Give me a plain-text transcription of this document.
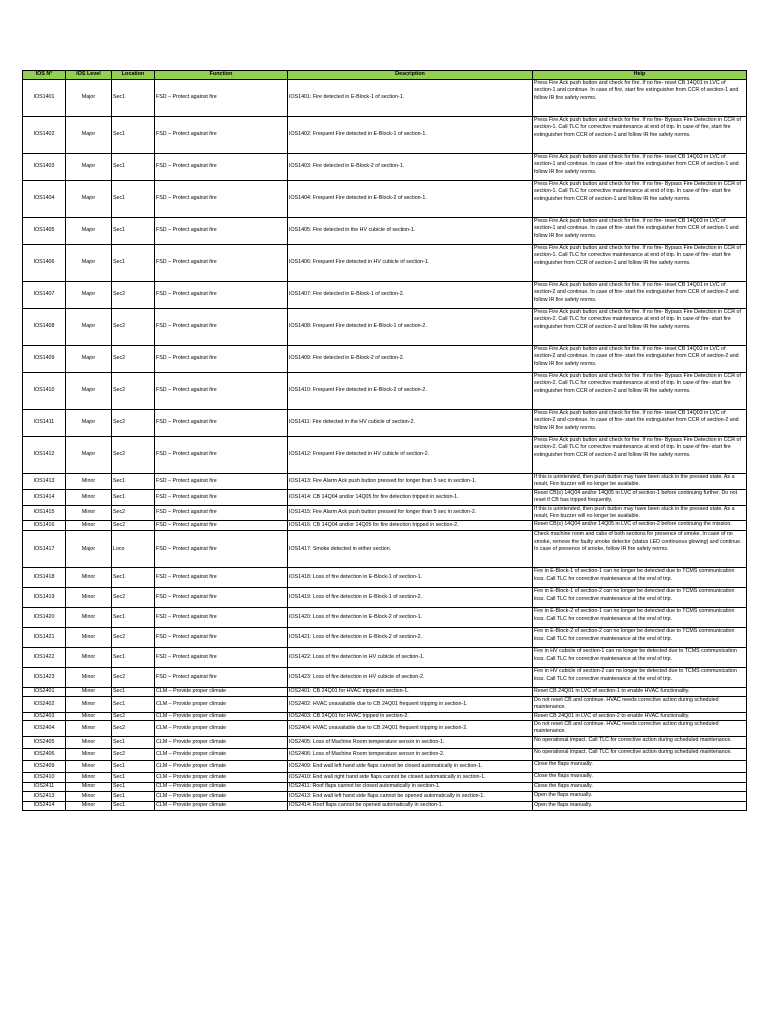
IOS N°	IOS Level	Location	Function	Description	Help
IOS1401	Major	Sec1	FSD – Protect against fire	IOS1401: Fire detected in E-Block-1 of section-1.	Press Fire Ack push button and check for fire. If no fire- reset CB 14Q01 in LVC of section-1 and continue. In case of fire, start fire extinguisher from CCR of section-1 and follow IR fire safety norms.
IOS1402	Major	Sec1	FSD – Protect against fire	IOS1402: Frequent Fire detected in E-Block-1 of section-1.	Press Fire Ack push button and check for fire. If no fire- Bypass Fire Detection in CCR of section-1. Call TLC for corrective maintenance at end of trip. In case of fire, start fire extinguisher from CCR of section-1 and follow IR fire safety norms.
IOS1403	Major	Sec1	FSD – Protect against fire	IOS1403: Fire detected in E-Block-2 of section-1.	Press Fire Ack push button and check for fire. If no fire- reset CB 14Q02 in LVC of section-1 and continue. In case of fire- start fire extinguisher from CCR of section-1 and follow IR fire safety norms.
IOS1404	Major	Sec1	FSD – Protect against fire	IOS1404: Frequent Fire detected in E-Block-2 of section-1.	Press Fire Ack push button and check for fire. If no fire- Bypass Fire Detection in CCR of section-1. Call TLC for corrective maintenance at end of trip. In case of fire- start fire extinguisher from CCR of section-1 and follow IR fire safety norms.
IOS1405	Major	Sec1	FSD – Protect against fire	IOS1405: Fire detected in the HV cubicle of section-1.	Press Fire Ack push button and check for fire. If no fire- reset CB 14Q03 in LVC of section-1 and continue. In case of fire- start fire extinguisher from CCR of section-1 and follow IR fire safety norms.
IOS1406	Major	Sec1	FSD – Protect against fire	IOS1406: Frequent Fire detected in HV cubicle of section-1.	Press Fire Ack push button and check for fire. If no fire- Bypass Fire Detection in CCR of section-1. Call TLC for corrective maintenance at end of trip. In case of fire- start fire extinguisher from CCR of section-1 and follow IR fire safety norms.
IOS1407	Major	Sec2	FSD – Protect against fire	IOS1407: Fire detected in E-Block-1 of section-2.	Press Fire Ack push button and check for fire. If no fire- reset CB 14Q01 in LVC of section-2 and continue. In case of fire- start fire extinguisher from CCR of section-2 and follow IR fire safety norms.
IOS1408	Major	Sec2	FSD – Protect against fire	IOS1408: Frequent Fire detected in E-Block-1 of section-2.	Press Fire Ack push button and check for fire. If no fire- Bypass Fire Detection in CCR of section-2. Call TLC for corrective maintenance at end of trip. In case of fire- start fire extinguisher from CCR of section-2 and follow IR fire safety norms.
IOS1409	Major	Sec2	FSD – Protect against fire	IOS1409: Fire detected in E-Block-2 of section-2.	Press Fire Ack push button and check for fire. If no fire- reset CB 14Q02 in LVC of section-2 and continue. In case of fire- start fire extinguisher from CCR of section-2 and follow IR fire safety norms.
IOS1410	Major	Sec2	FSD – Protect against fire	IOS1410: Frequent Fire detected in E-Block-2 of section-2.	Press Fire Ack push button and check for fire. If no fire- Bypass Fire Detection in CCR of section-2. Call TLC for corrective maintenance at end of trip. In case of fire- start fire extinguisher from CCR of section-2 and follow IR fire safety norms.
IOS1411	Major	Sec2	FSD – Protect against fire	IOS1411: Fire detected in the HV cubicle of section-2.	Press Fire Ack push button and check for fire. If no fire- reset CB 14Q03 in LVC of section-2 and continue. In case of fire- start fire extinguisher from CCR of section-2 and follow IR fire safety norms.
IOS1412	Major	Sec2	FSD – Protect against fire	IOS1412: Frequent Fire detected in HV cubicle of section-2.	Press Fire Ack push button and check for fire. If no fire- Bypass Fire Detection in CCR of section-2. Call TLC for corrective maintenance at end of trip. In case of fire- start fire extinguisher from CCR of section-2 and follow IR fire safety norms.
IOS1413	Minor	Sec1	FSD – Protect against fire	IOS1413: Fire Alarm Ack push button pressed for longer than 5 sec in section-1.	If this is unintended, then push button may have been stuck in the pressed state. As a result, Fire buzzer will no longer be available.
IOS1414	Minor	Sec1	FSD – Protect against fire	IOS1414: CB 14Q04 and/or 14Q05 for fire detection tripped in section-1.	Reset CB(s) 14Q04 and/or 14Q05 in LVC of section-1 before continuing further. Do not reset if CB has tripped frequently.
IOS1415	Minor	Sec2	FSD – Protect against fire	IOS1415: Fire Alarm Ack push button pressed for longer than 5 sec in section-2.	If this is unintended, then push button may have been stuck in the pressed state. As a result, Fire buzzer will no longer be available.
IOS1416	Minor	Sec2	FSD – Protect against fire	IOS1416: CB 14Q04 and/or 14Q05 for fire detection tripped in section-2.	Reset CB(s) 14Q04 and/or 14Q05 in LVC of section-2 before continuing the mission.
IOS1417	Major	Loco	FSD – Protect against fire	IOS1417: Smoke detected in either section.	Check machine room and cabs of both sections for presence of smoke. In case of no smoke, remove the faulty smoke detector (status LED continuous glowing) and continue. In case of presence of smoke, follow IR fire safety norms.
IOS1418	Minor	Sec1	FSD – Protect against fire	IOS1418: Loss of fire detection in E-Block-1 of section-1.	Fire in E-Block-1 of section-1 can no longer be detected due to TCMS communication loss. Call TLC for corrective maintenance at the end of trip.
IOS1419	Minor	Sec2	FSD – Protect against fire	IOS1419: Loss of fire detection in E-Block-1 of section-2.	Fire in E-Block-1 of section-2 can no longer be detected due to TCMS communication loss. Call TLC for corrective maintenance at the end of trip.
IOS1420	Minor	Sec1	FSD – Protect against fire	IOS1420: Loss of fire detection in E-Block-2 of section-1.	Fire in E-Block-2 of section-1 can no longer be detected due to TCMS communication loss. Call TLC for corrective maintenance at the end of trip.
IOS1421	Minor	Sec2	FSD – Protect against fire	IOS1421: Loss of fire detection in E-Block-2 of section-2.	Fire in E-Block-2 of section-2 can no longer be detected due to TCMS communication loss. Call TLC for corrective maintenance at the end of trip.
IOS1422	Minor	Sec1	FSD – Protect against fire	IOS1422: Loss of fire detection in HV cubicle of section-1.	Fire in HV cubicle of section-1 can no longer be detected due to TCMS communication loss. Call TLC for corrective maintenance at the end of trip.
IOS1423	Minor	Sec2	FSD – Protect against fire	IOS1423: Loss of fire detection in HV cubicle of section-2.	Fire in HV cubicle of section-2 can no longer be detected due to TCMS communication loss. Call TLC for corrective maintenance at the end of trip.
IOS2401	Minor	Sec1	CLM – Provide proper climate	IOS2401: CB 24Q01 for HVAC tripped in section-1.	Reset CB 24Q01 in LVC of section-1 to enable HVAC functionality.
IOS2402	Minor	Sec1	CLM – Provide proper climate	IOS2402: HVAC unavailable due to CB 24Q01 frequent tripping in section-1.	Do not reset CB and continue. HVAC needs corrective action during scheduled maintenance.
IOS2403	Minor	Sec2	CLM – Provide proper climate	IOS2403: CB 24Q01 for HVAC tripped in section-2.	Reset CB 24Q01 in LVC of section-2 to enable HVAC functionality.
IOS2404	Minor	Sec2	CLM – Provide proper climate	IOS2404: HVAC unavailable due to CB 24Q01 frequent tripping in section-2.	Do not reset CB and continue. HVAC needs corrective action during scheduled maintenance.
IOS2405	Minor	Sec1	CLM – Provide proper climate	IOS2405: Loss of Machine Room temperature sensor in section-1.	No operational impact. Call TLC for corrective action during scheduled maintenance.
IOS2406	Minor	Sec2	CLM – Provide proper climate	IOS2406: Loss of Machine Room temperature sensor in section-2.	No operational impact. Call TLC for corrective action during scheduled maintenance.
IOS2409	Minor	Sec1	CLM – Provide proper climate	IOS2409: End wall left hand side flaps cannot be closed automatically in section-1.	Close the flaps manually.
IOS2410	Minor	Sec1	CLM – Provide proper climate	IOS2410: End wall right hand side flaps cannot be closed automatically in section-1.	Close the flaps manually.
IOS2411	Minor	Sec1	CLM – Provide proper climate	IOS2411: Roof flaps cannot be closed automatically in section-1.	Close the flaps manually.
IOS2413	Minor	Sec1	CLM – Provide proper climate	IOS2413: End wall left hand side flaps cannot be opened automatically in section-1.	Open the flaps manually.
IOS2414	Minor	Sec1	CLM – Provide proper climate	IOS2414: Roof flaps cannot be opened automatically in section-1.	Open the flaps manually.
